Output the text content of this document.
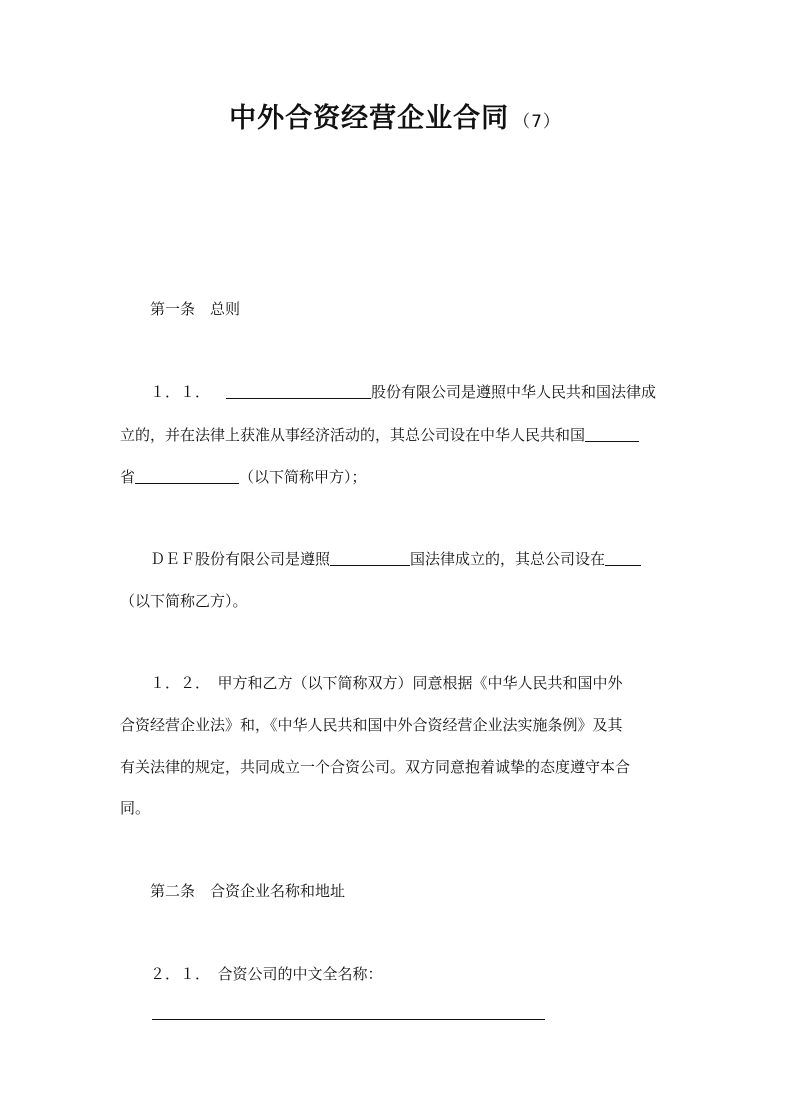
中外合资经营企业合同 （7）
第一条　总则
１．１．	股份有限公司是遵照中华人民共和国法律成
立的，并在法律上获准从事经济活动的，其总公司设在中华人民共和国
省	（以下简称甲方）；
ＤＥＦ股份有限公司是遵照	国法律成立的，其总公司设在
（以下简称乙方）。
１．２．　甲方和乙方（以下简称双方）同意根据《中华人民共和国中外
合资经营企业法》和，《中华人民共和国中外合资经营企业法实施条例》及其
有关法律的规定，共同成立一个合资公司。双方同意抱着诚挚的态度遵守本合
同。
第二条　合资企业名称和地址
２．１．　合资公司的中文全名称：
